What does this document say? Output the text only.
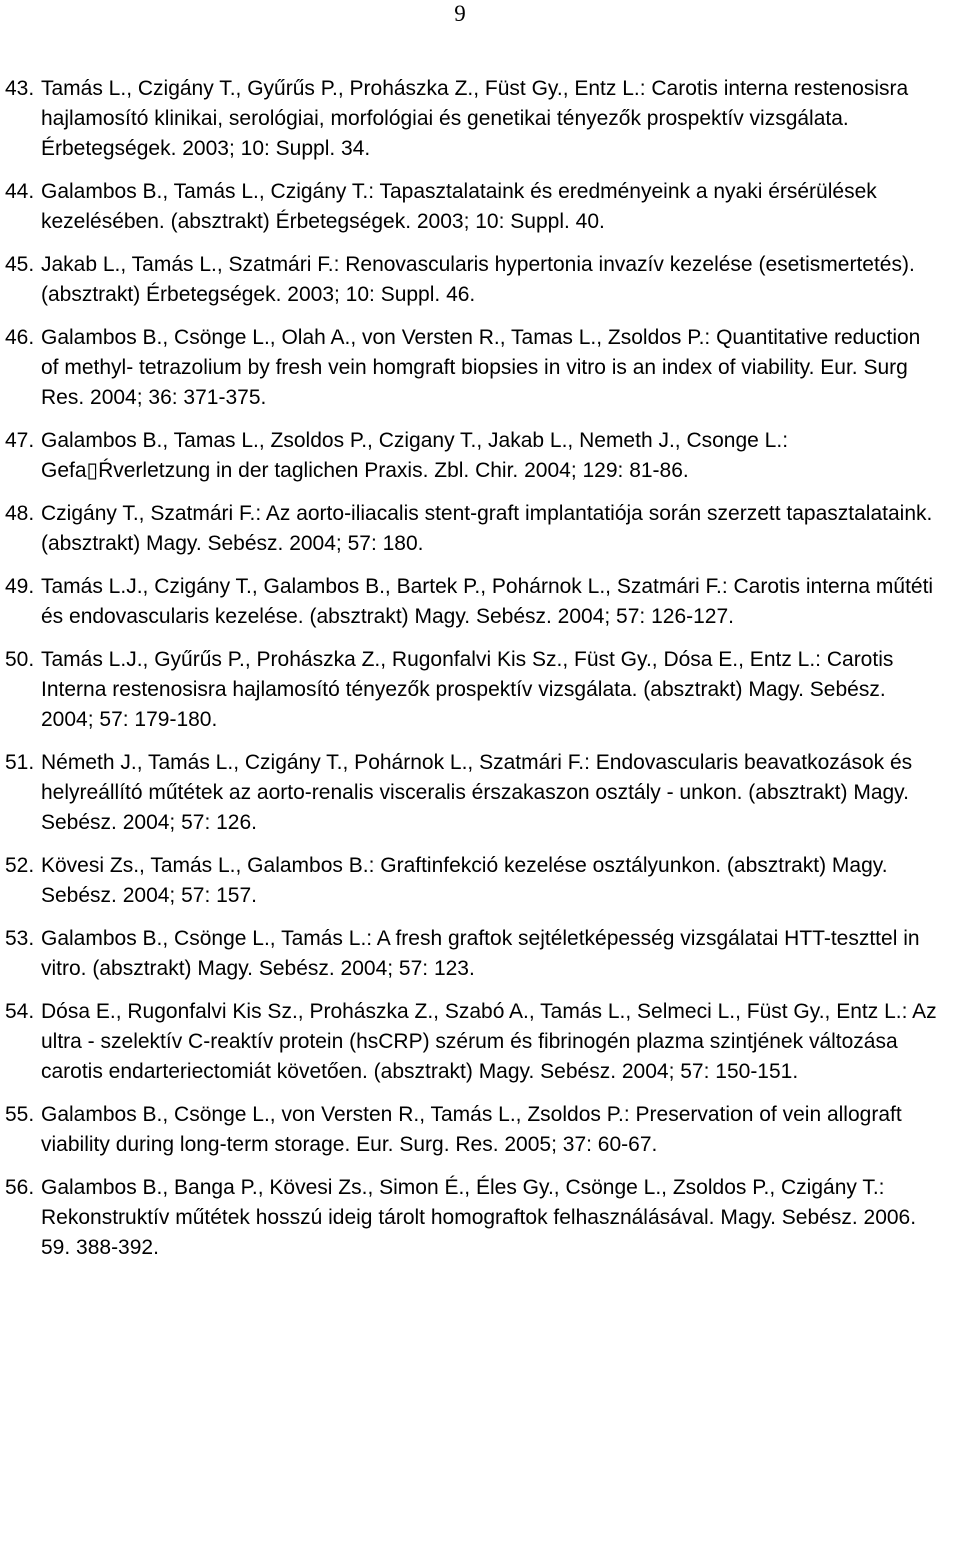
9
43. Tamás L., Czigány T., Gyűrűs P., Prohászka Z., Füst Gy., Entz L.: Carotis interna restenosisra hajlamosító klinikai, serológiai, morfológiai és genetikai tényezők prospektív vizsgálata. Érbetegségek. 2003; 10: Suppl. 34.
44. Galambos B., Tamás L., Czigány T.: Tapasztalataink és eredményeink a nyaki érsérülések kezelésében. (absztrakt) Érbetegségek. 2003; 10: Suppl. 40.
45. Jakab L., Tamás L., Szatmári F.: Renovascularis hypertonia invazív kezelése (esetismertetés). (absztrakt) Érbetegségek. 2003; 10: Suppl. 46.
46. Galambos B., Csönge L., Olah A., von Versten R., Tamas L., Zsoldos P.: Quantitative reduction of methyl- tetrazolium by fresh vein homgraft biopsies in vitro is an index of viability. Eur. Surg Res. 2004; 36: 371-375.
47. Galambos B., Tamas L., Zsoldos P., Czigany T., Jakab L., Nemeth J., Csonge L.: Gefa▯Ŕverletzung in der taglichen Praxis. Zbl. Chir. 2004; 129: 81-86.
48. Czigány T., Szatmári F.: Az aorto-iliacalis stent-graft implantatiója során szerzett tapasztalataink. (absztrakt) Magy. Sebész. 2004; 57: 180.
49. Tamás L.J., Czigány T., Galambos B., Bartek P., Pohárnok L., Szatmári F.: Carotis interna műtéti és endovascularis kezelése. (absztrakt) Magy. Sebész. 2004; 57: 126-127.
50. Tamás L.J., Gyűrűs P., Prohászka Z., Rugonfalvi Kis Sz., Füst Gy., Dósa E., Entz L.: Carotis Interna restenosisra hajlamosító tényezők prospektív vizsgálata. (absztrakt) Magy. Sebész. 2004; 57: 179-180.
51. Németh J., Tamás L., Czigány T., Pohárnok L., Szatmári F.: Endovascularis beavatkozások és helyreállító műtétek az aorto-renalis visceralis érszakaszon osztály - unkon. (absztrakt) Magy. Sebész. 2004; 57: 126.
52. Kövesi Zs., Tamás L., Galambos B.: Graftinfekció kezelése osztályunkon. (absztrakt) Magy. Sebész. 2004; 57: 157.
53. Galambos B., Csönge L., Tamás L.: A fresh graftok sejtéletképesség vizsgálatai HTT-teszttel in vitro. (absztrakt) Magy. Sebész. 2004; 57: 123.
54. Dósa E., Rugonfalvi Kis Sz., Prohászka Z., Szabó A., Tamás L., Selmeci L., Füst Gy., Entz L.: Az ultra - szelektív C-reaktív protein (hsCRP) szérum és fibrinogén plazma szintjének változása carotis endarteriectomiát követően. (absztrakt) Magy. Sebész. 2004; 57: 150-151.
55. Galambos B., Csönge L., von Versten R., Tamás L., Zsoldos P.: Preservation of vein allograft viability during long-term storage. Eur. Surg. Res. 2005; 37: 60-67.
56. Galambos B., Banga P., Kövesi Zs., Simon É., Éles Gy., Csönge L., Zsoldos P., Czigány T.: Rekonstruktív műtétek hosszú ideig tárolt homograftok felhasználásával. Magy. Sebész. 2006. 59. 388-392.
